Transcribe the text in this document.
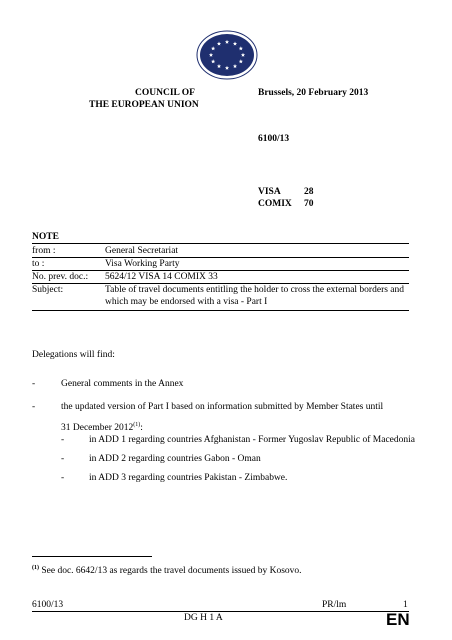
COUNCIL OF
THE EUROPEAN UNION
Brussels, 20 February 2013
6100/13
VISA 28
COMIX 70
NOTE
from :	General Secretariat
to :	Visa Working Party
No. prev. doc.: 5624/12 VISA 14 COMIX 33
Subject:	Table of travel documents entitling the holder to cross the external borders and
which may be endorsed with a visa - Part I
Delegations will find:
-	General comments in the Annex
-	the updated version of Part I based on information submitted by Member States until
31 December 2012$^{(1)}$:
-	in ADD 1 regarding countries Afghanistan - Former Yugoslav Republic of Macedonia
-	in ADD 2 regarding countries Gabon - Oman
-	in ADD 3 regarding countries Pakistan - Zimbabwe.
$^{(1)}$ See doc. 6642/13 as regards the travel documents issued by Kosovo.
6100/13	PR/lm	1
DG H 1 A	EN
